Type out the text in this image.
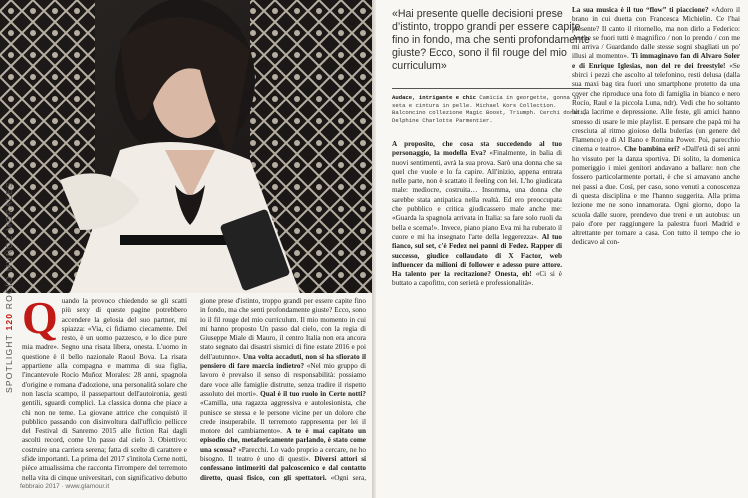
SPOTLIGHT 120 ROCÍO MUÑOZ MORALES
Q uando la provoco chiedendo se gli scatti più sexy di queste pagine potrebbero accendere la gelosia del suo partner, mi spiazza: «Via, ci fidiamo ciecamente. Del resto, è un uomo pazzesco, e lo dice pure mia madre». Segno una risata libera, onesta. L'uomo in questione è il bello nazionale Raoul Bova. La risata appartiene alla compagna e mamma di sua figlia, l'incantevole Rocío Muñoz Morales: 28 anni, spagnola d'origine e romana d'adozione, una personalità solare che non lascia scampo, il passepartout dell'autoironia, gesti gentili, sguardi complici. La classica donna che piace a chi non ne teme. La giovane attrice che conquistò il pubblico passando con disinvoltura dall'ufficio pellicce del Festival di Sanremo 2015 alle fiction Rai dagli ascolti record, come Un passo dal cielo 3. Obiettivo: costruire una carriera serena; fatta di scelte di carattere e sfide importanti. La prima del 2017 s'intitola Cerne notti, pièce attualissima che racconta l'irrompere del terremoto nella vita di cinque universitari, con significativo debutto
gione prese d'istinto, troppo grandi per essere capite fino in fondo, ma che senti profondamente giuste? Ecco, sono io il fil rouge del mio curriculum. Il mio momento in cui mi hanno proposto Un passo dal cielo, con la regia di Giuseppe Miale di Mauro, il centro Italia non era ancora stato segnato dai disastri sismici di fine estate 2016 e poi dell'autunno». Una volta accaduti, non si ha sfiorato il pensiero di fare marcia indietro? «Nel mio gruppo di lavoro è prevalso il senso di responsabilità: possiamo dare voce alle famiglie distrutte, senza tradire il rispetto assoluto dei morti». Qual è il tuo ruolo in Certe notti? «Camilla, una ragazza aggressiva e autolesionista, che punisce se stessa e le persone vicine per un dolore che crede insuperabile. Il terremoto rappresenta per lei il motore del cambiamento». A te è mai capitato un episodio che, metaforicamente parlando, è stato come una scossa? «Parecchi. Lo vado proprio a cercare, ne ho bisogno. Il teatro è uno di questi». Diversi attori si confessano intimoriti dal palcoscenico e dal contatto diretto, quasi fisico, con gli spettatori. «Ogni sera,
febbraio 2017 · www.glamour.it
«Hai presente quelle decisioni prese d’istinto, troppo grandi per essere capite fino in fondo, ma che senti profondamente giuste? Ecco, sono il fil rouge del mio curriculum»
Audace, intrigante e chic Camicia in georgette, gonna in seta e cintura in pelle. Michael Kors Collection. Balconcino collezione Magic Boost, Triumph. Cerchi dorati, Delphine Charlotte Parmentier.
A proposito, che cosa sta succedendo al tuo personaggio, la modella Eva? «Finalmente, in balia di nuovi sentimenti, avrà la sua prova. Sarò una donna che sa quel che vuole e lo fa capire. All'inizio, appena entrata nelle parte, non è scattato il feeling con lei. L'ho giudicata male: mediocre, costruita… Insomma, una donna che sarebbe stata antipatica nella realtà. Ed ero preoccupata che pubblico e critica giudicassero male anche me: «Guarda la spagnola arrivata in Italia: sa fare solo ruoli da bella e scema!». Invece, piano piano Eva mi ha ruberato il cuore e mi ha insegnato l'arte della leggerezza». Al tuo fianco, sul set, c'è Fedez nei panni di Fedez. Rapper di successo, giudice collaudato di X Factor, web influencer da milioni di follower e adesso pure attore. Ha talento per la recitazione? Onesta, eh! «Ci si è buttato a capofitto, con serietà e professionalità».
La sua musica è il tuo “flow” ti piaccione? «Adoro il brano in cui duetta con Francesca Michielin. Ce l'hai presente? Il canto il ritornello, ma non dirlo a Federico: Anche se fuori tutti è magnifico / non lo prendo / con me mi arriva / Guardando dalle stesse sogni sbagliati un po' illusi al momento». Ti immaginavo fan di Alvaro Soler e di Enrique Iglesias, non del re dei freestyle! «Se sbirci i pezzi che ascolto al telefonino, resti delusa (dalla sua maxi bag tira fuori uno smartphone protetto da una cover che riproduce una foto di famiglia in bianco e nero Rocío, Raul e la piccola Luna, ndr). Vedi che ho soltanto hit da lacrime e depressione. Alle feste, gli amici hanno smesso di usare le mie playlist. E pensare che papà mi ha cresciuta al ritmo gioioso della bulerías (un genere del Flamenco) e di Al Bano e Romina Power. Poi, parecchio cinema e teatro». Che bambina eri? «Dall'età di sei anni ho vissuto per la danza sportiva. Di solito, la domenica pomeriggio i miei genitori andavano a ballare: non che fossero particolarmente portati, è che si amavano anche nei passi a due. Così, per caso, sono venuti a conoscenza di questa disciplina e me l'hanno suggerita. Alla prima lezione me ne sono innamorata. Ogni giorno, dopo la scuola dalle suore, prendevo due treni e un autobus: un paio d'ore per raggiungere la palestra fuori Madrid e altrettante per tornare a casa. Con tutto il tempo che io dedicavo al con-
